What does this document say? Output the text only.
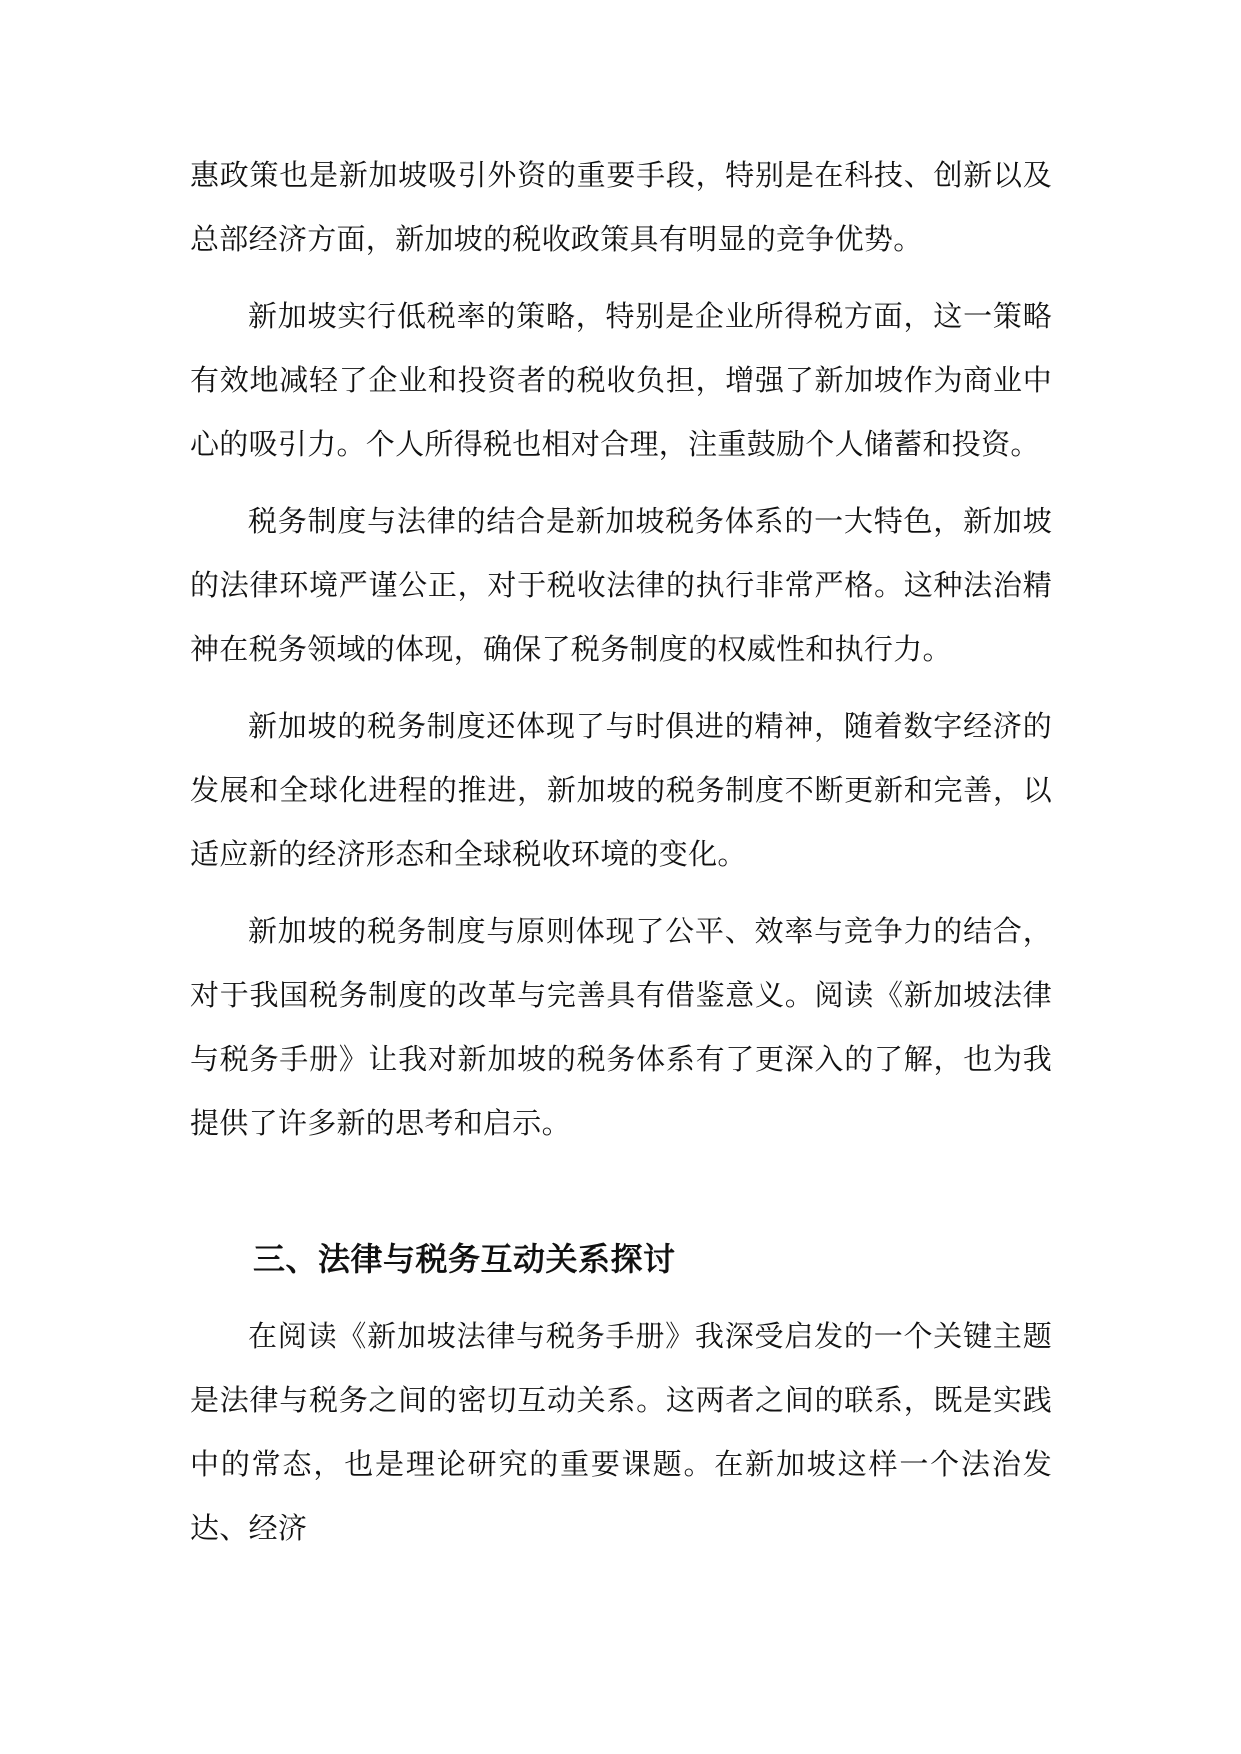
惠政策也是新加坡吸引外资的重要手段，特别是在科技、创新以及总部经济方面，新加坡的税收政策具有明显的竞争优势。

新加坡实行低税率的策略，特别是企业所得税方面，这一策略有效地减轻了企业和投资者的税收负担，增强了新加坡作为商业中心的吸引力。个人所得税也相对合理，注重鼓励个人储蓄和投资。

税务制度与法律的结合是新加坡税务体系的一大特色，新加坡的法律环境严谨公正，对于税收法律的执行非常严格。这种法治精神在税务领域的体现，确保了税务制度的权威性和执行力。

新加坡的税务制度还体现了与时俱进的精神，随着数字经济的发展和全球化进程的推进，新加坡的税务制度不断更新和完善，以适应新的经济形态和全球税收环境的变化。

新加坡的税务制度与原则体现了公平、效率与竞争力的结合，对于我国税务制度的改革与完善具有借鉴意义。阅读《新加坡法律与税务手册》让我对新加坡的税务体系有了更深入的了解，也为我提供了许多新的思考和启示。

三、法律与税务互动关系探讨

在阅读《新加坡法律与税务手册》我深受启发的一个关键主题是法律与税务之间的密切互动关系。这两者之间的联系，既是实践中的常态，也是理论研究的重要课题。在新加坡这样一个法治发达、经济
